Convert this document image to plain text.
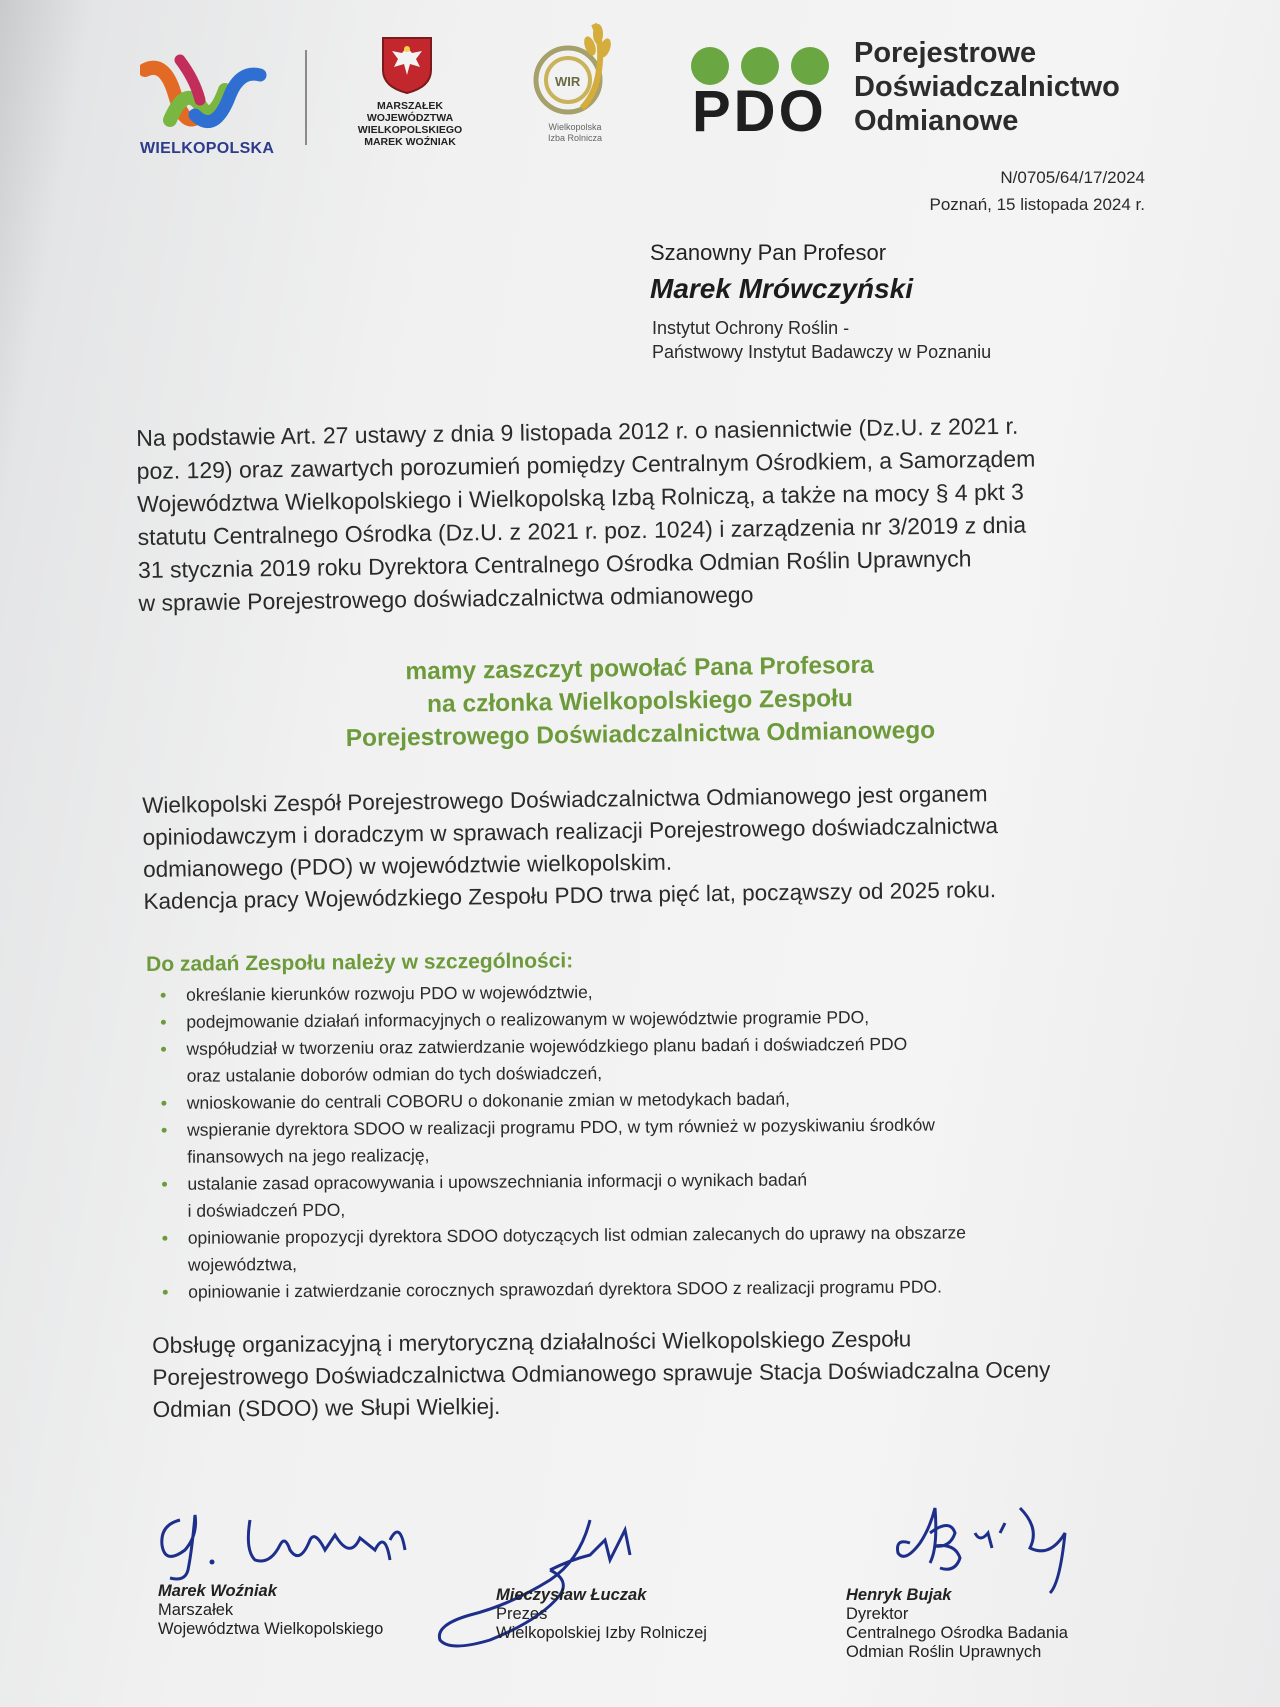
WIELKOPOLSKA
MARSZAŁEK
WOJEWÓDZTWA
WIELKOPOLSKIEGO
MAREK WOŹNIAK
WIR
Wielkopolska
Izba Rolnicza	PDO
Porejestrowe
Doświadczalnictwo
Odmianowe
N/0705/64/17/2024
Poznań, 15 listopada 2024 r.
Szanowny Pan Profesor
Marek Mrówczyński
Instytut Ochrony Roślin -
Państwowy Instytut Badawczy w Poznaniu
Na podstawie Art. 27 ustawy z dnia 9 listopada 2012 r. o nasiennictwie (Dz.U. z 2021 r.
poz. 129) oraz zawartych porozumień pomiędzy Centralnym Ośrodkiem, a Samorządem
Województwa Wielkopolskiego i Wielkopolską Izbą Rolniczą, a także na mocy § 4 pkt 3
statutu Centralnego Ośrodka (Dz.U. z 2021 r. poz. 1024) i zarządzenia nr 3/2019 z dnia
31 stycznia 2019 roku Dyrektora Centralnego Ośrodka Odmian Roślin Uprawnych
w sprawie Porejestrowego doświadczalnictwa odmianowego
mamy zaszczyt powołać Pana Profesora
na członka Wielkopolskiego Zespołu
Porejestrowego Doświadczalnictwa Odmianowego
Wielkopolski Zespół Porejestrowego Doświadczalnictwa Odmianowego jest organem
opiniodawczym i doradczym w sprawach realizacji Porejestrowego doświadczalnictwa
odmianowego (PDO) w województwie wielkopolskim.
Kadencja pracy Wojewódzkiego Zespołu PDO trwa pięć lat, począwszy od 2025 roku.
Do zadań Zespołu należy w szczególności:
• określanie kierunków rozwoju PDO w województwie,
• podejmowanie działań informacyjnych o realizowanym w województwie programie PDO,
• współudział w tworzeniu oraz zatwierdzanie wojewódzkiego planu badań i doświadczeń PDO
oraz ustalanie doborów odmian do tych doświadczeń,
• wnioskowanie do centrali COBORU o dokonanie zmian w metodykach badań,
• wspieranie dyrektora SDOO w realizacji programu PDO, w tym również w pozyskiwaniu środków
finansowych na jego realizację,
• ustalanie zasad opracowywania i upowszechniania informacji o wynikach badań
i doświadczeń PDO,
• opiniowanie propozycji dyrektora SDOO dotyczących list odmian zalecanych do uprawy na obszarze
województwa,
• opiniowanie i zatwierdzanie corocznych sprawozdań dyrektora SDOO z realizacji programu PDO.
Obsługę organizacyjną i merytoryczną działalności Wielkopolskiego Zespołu
Porejestrowego Doświadczalnictwa Odmianowego sprawuje Stacja Doświadczalna Oceny
Odmian (SDOO) we Słupi Wielkiej.
Marek Woźniak
Marszałek
Województwa Wielkopolskiego
Mieczysław Łuczak
Prezes
Wielkopolskiej Izby Rolniczej
Henryk Bujak
Dyrektor
Centralnego Ośrodka Badania
Odmian Roślin Uprawnych
